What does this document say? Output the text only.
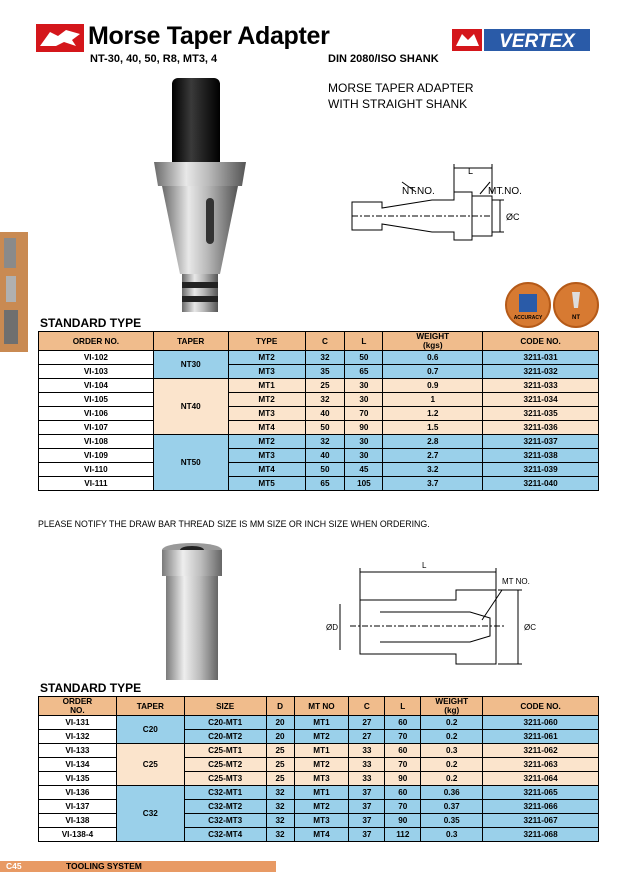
Morse Taper Adapter
NT-30, 40, 50, R8, MT3, 4	DIN 2080/ISO SHANK
VERTEX
MORSE TAPER ADAPTER
WITH STRAIGHT SHANK
NT.NO.	MT.NO.
L
ØC
ACCURACY	NT
STANDARD TYPE
ORDER NO.	TAPER	TYPE	C	L	WEIGHT
(kgs)	CODE NO.
VI-102	NT30	MT2	32	50	0.6	3211-031
VI-103		MT3	35	65	0.7	3211-032
VI-104	NT40	MT1	25	30	0.9	3211-033
VI-105		MT2	32	30	1	3211-034
VI-106		MT3	40	70	1.2	3211-035
VI-107		MT4	50	90	1.5	3211-036
VI-108	NT50	MT2	32	30	2.8	3211-037
VI-109		MT3	40	30	2.7	3211-038
VI-110		MT4	50	45	3.2	3211-039
VI-111		MT5	65	105	3.7	3211-040
PLEASE NOTIFY THE DRAW BAR THREAD SIZE IS MM SIZE OR INCH SIZE WHEN ORDERING.
L
MT NO.
ØD	ØC
STANDARD TYPE
ORDER
NO.	TAPER	SIZE	D	MT NO	C	L	WEIGHT
(kg)	CODE NO.
VI-131	C20	C20-MT1	20	MT1	27	60	0.2	3211-060
VI-132		C20-MT2	20	MT2	27	70	0.2	3211-061
VI-133	C25	C25-MT1	25	MT1	33	60	0.3	3211-062
VI-134		C25-MT2	25	MT2	33	70	0.2	3211-063
VI-135		C25-MT3	25	MT3	33	90	0.2	3211-064
VI-136	C32	C32-MT1	32	MT1	37	60	0.36	3211-065
VI-137		C32-MT2	32	MT2	37	70	0.37	3211-066
VI-138		C32-MT3	32	MT3	37	90	0.35	3211-067
VI-138-4		C32-MT4	32	MT4	37	112	0.3	3211-068
C45	TOOLING SYSTEM
